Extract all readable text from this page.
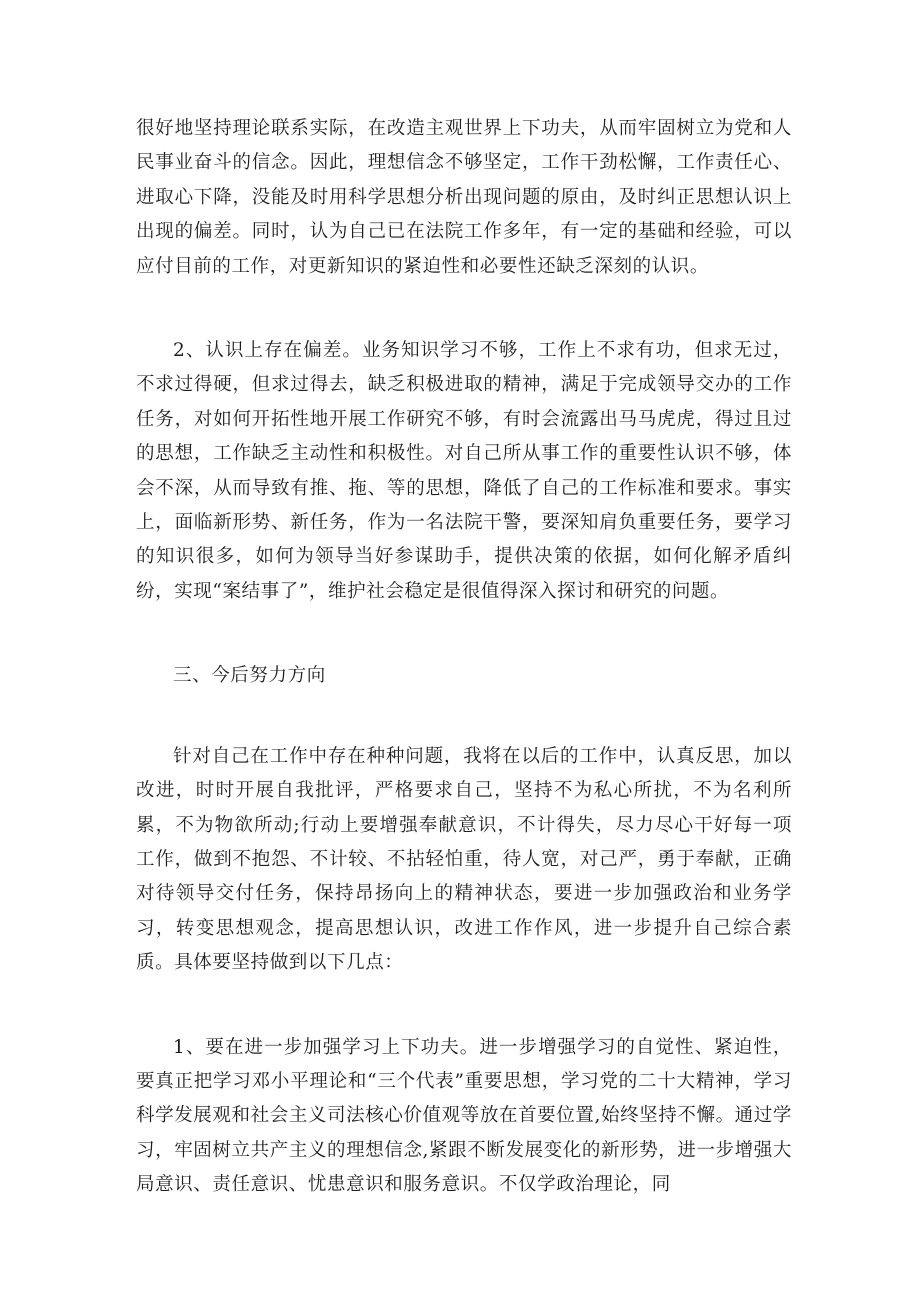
很好地坚持理论联系实际，在改造主观世界上下功夫，从而牢固树立为党和人民事业奋斗的信念。因此，理想信念不够坚定，工作干劲松懈，工作责任心、进取心下降，没能及时用科学思想分析出现问题的原由，及时纠正思想认识上出现的偏差。同时，认为自己已在法院工作多年，有一定的基础和经验，可以应付目前的工作，对更新知识的紧迫性和必要性还缺乏深刻的认识。

2、认识上存在偏差。业务知识学习不够，工作上不求有功，但求无过，不求过得硬，但求过得去，缺乏积极进取的精神，满足于完成领导交办的工作任务，对如何开拓性地开展工作研究不够，有时会流露出马马虎虎，得过且过的思想，工作缺乏主动性和积极性。对自己所从事工作的重要性认识不够，体会不深，从而导致有推、拖、等的思想，降低了自己的工作标准和要求。事实上，面临新形势、新任务，作为一名法院干警，要深知肩负重要任务，要学习的知识很多，如何为领导当好参谋助手，提供决策的依据，如何化解矛盾纠纷，实现“案结事了”，维护社会稳定是很值得深入探讨和研究的问题。

三、今后努力方向

针对自己在工作中存在种种问题，我将在以后的工作中，认真反思，加以改进，时时开展自我批评，严格要求自己，坚持不为私心所扰，不为名利所累，不为物欲所动;行动上要增强奉献意识，不计得失，尽力尽心干好每一项工作，做到不抱怨、不计较、不拈轻怕重，待人宽，对己严，勇于奉献，正确对待领导交付任务，保持昂扬向上的精神状态，要进一步加强政治和业务学习，转变思想观念，提高思想认识，改进工作作风，进一步提升自己综合素质。具体要坚持做到以下几点：

1、要在进一步加强学习上下功夫。进一步增强学习的自觉性、紧迫性，要真正把学习邓小平理论和“三个代表”重要思想，学习党的二十大精神，学习科学发展观和社会主义司法核心价值观等放在首要位置,始终坚持不懈。通过学习，牢固树立共产主义的理想信念,紧跟不断发展变化的新形势，进一步增强大局意识、责任意识、忧患意识和服务意识。不仅学政治理论，同
